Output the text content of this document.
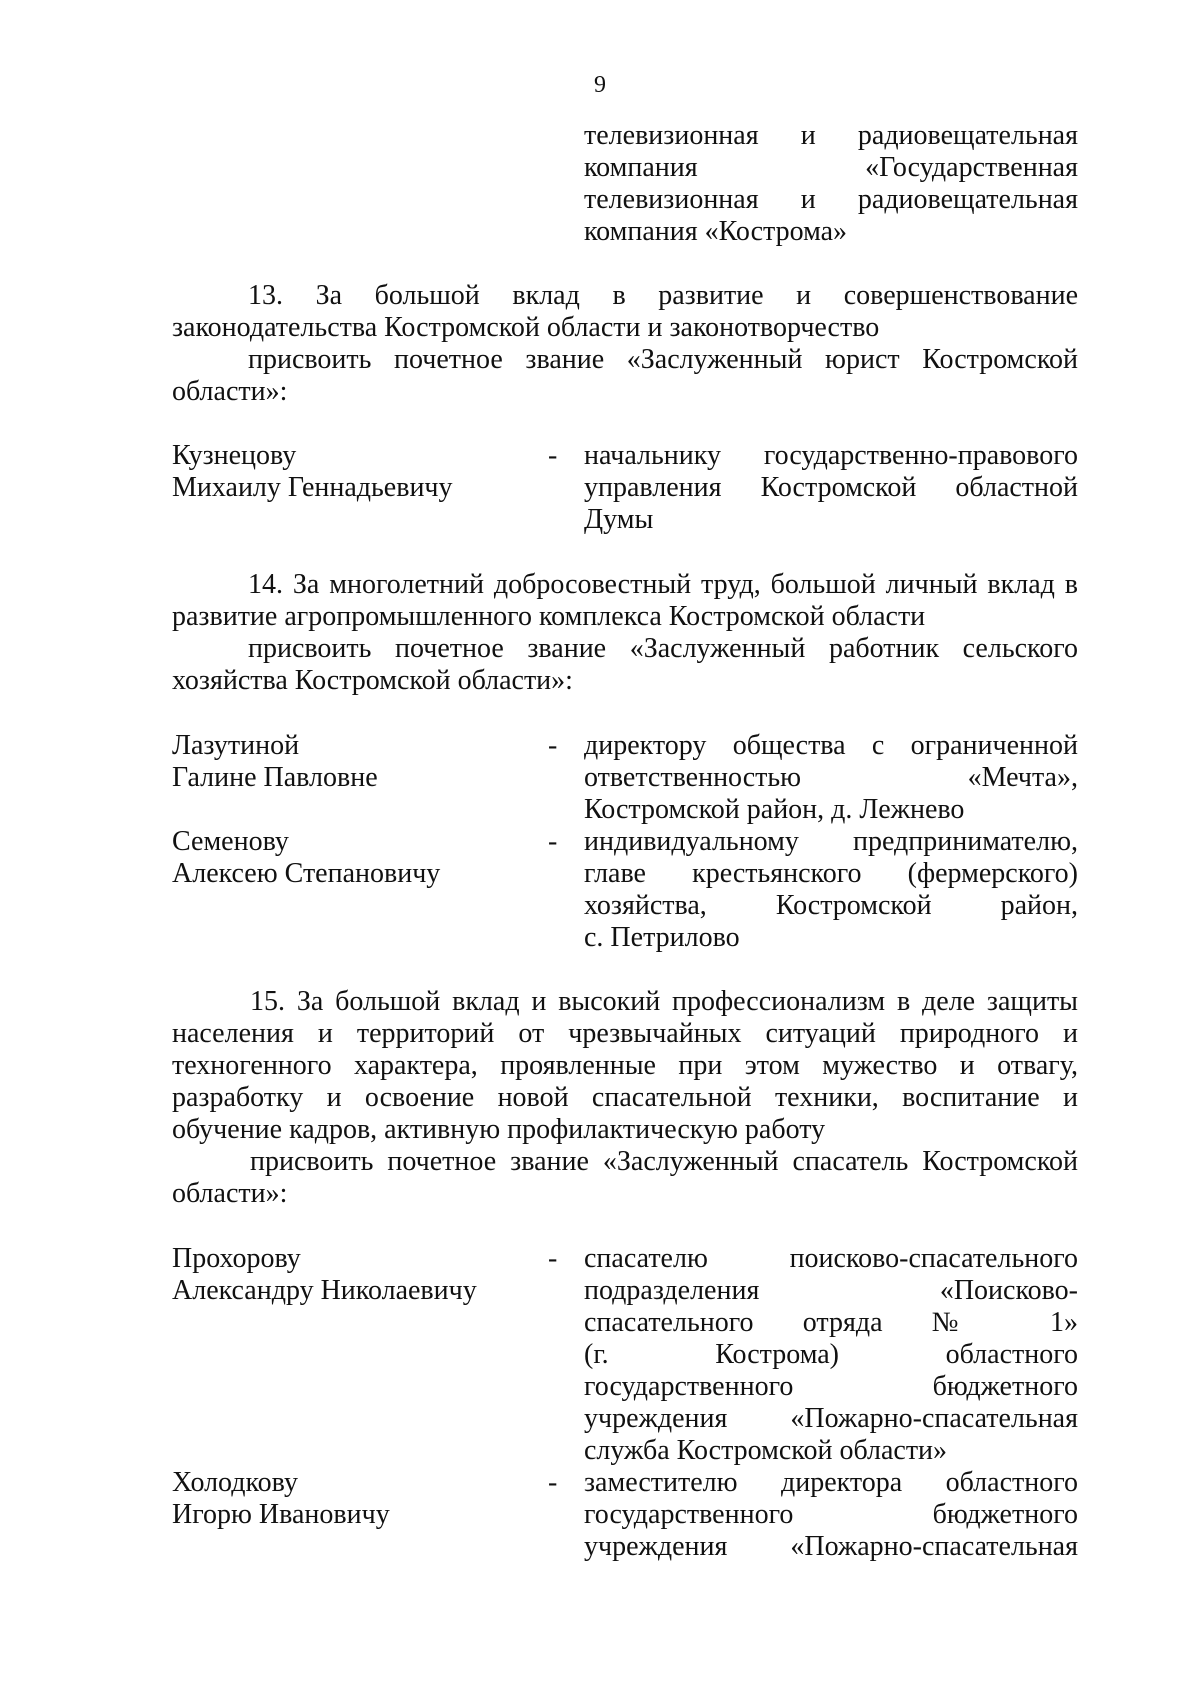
9
телевизионная и радиовещательная
компания «Государственная
телевизионная и радиовещательная
компания «Кострома»
13. За большой вклад в развитие и совершенствование
законодательства Костромской области и законотворчество
присвоить почетное звание «Заслуженный юрист Костромской
области»:
Кузнецову
Михаилу Геннадьевичу
- начальнику государственно-правового
управления Костромской областной
Думы
14. За многолетний добросовестный труд, большой личный вклад в
развитие агропромышленного комплекса Костромской области
присвоить почетное звание «Заслуженный работник сельского
хозяйства Костромской области»:
Лазутиной
Галине Павловне
- директору общества с ограниченной
ответственностью «Мечта»,
Костромской район, д. Лежнево
Семенову
Алексею Степановичу
- индивидуальному предпринимателю,
главе крестьянского (фермерского)
хозяйства, Костромской район,
с. Петрилово
15. За большой вклад и высокий профессионализм в деле защиты
населения и территорий от чрезвычайных ситуаций природного и
техногенного характера, проявленные при этом мужество и отвагу,
разработку и освоение новой спасательной техники, воспитание и
обучение кадров, активную профилактическую работу
присвоить почетное звание «Заслуженный спасатель Костромской
области»:
Прохорову
Александру Николаевичу
- спасателю поисково-спасательного
подразделения «Поисково-
спасательного отряда № 1»
(г. Кострома) областного
государственного бюджетного
учреждения «Пожарно-спасательная
служба Костромской области»
Холодкову
Игорю Ивановичу
- заместителю директора областного
государственного бюджетного
учреждения «Пожарно-спасательная
